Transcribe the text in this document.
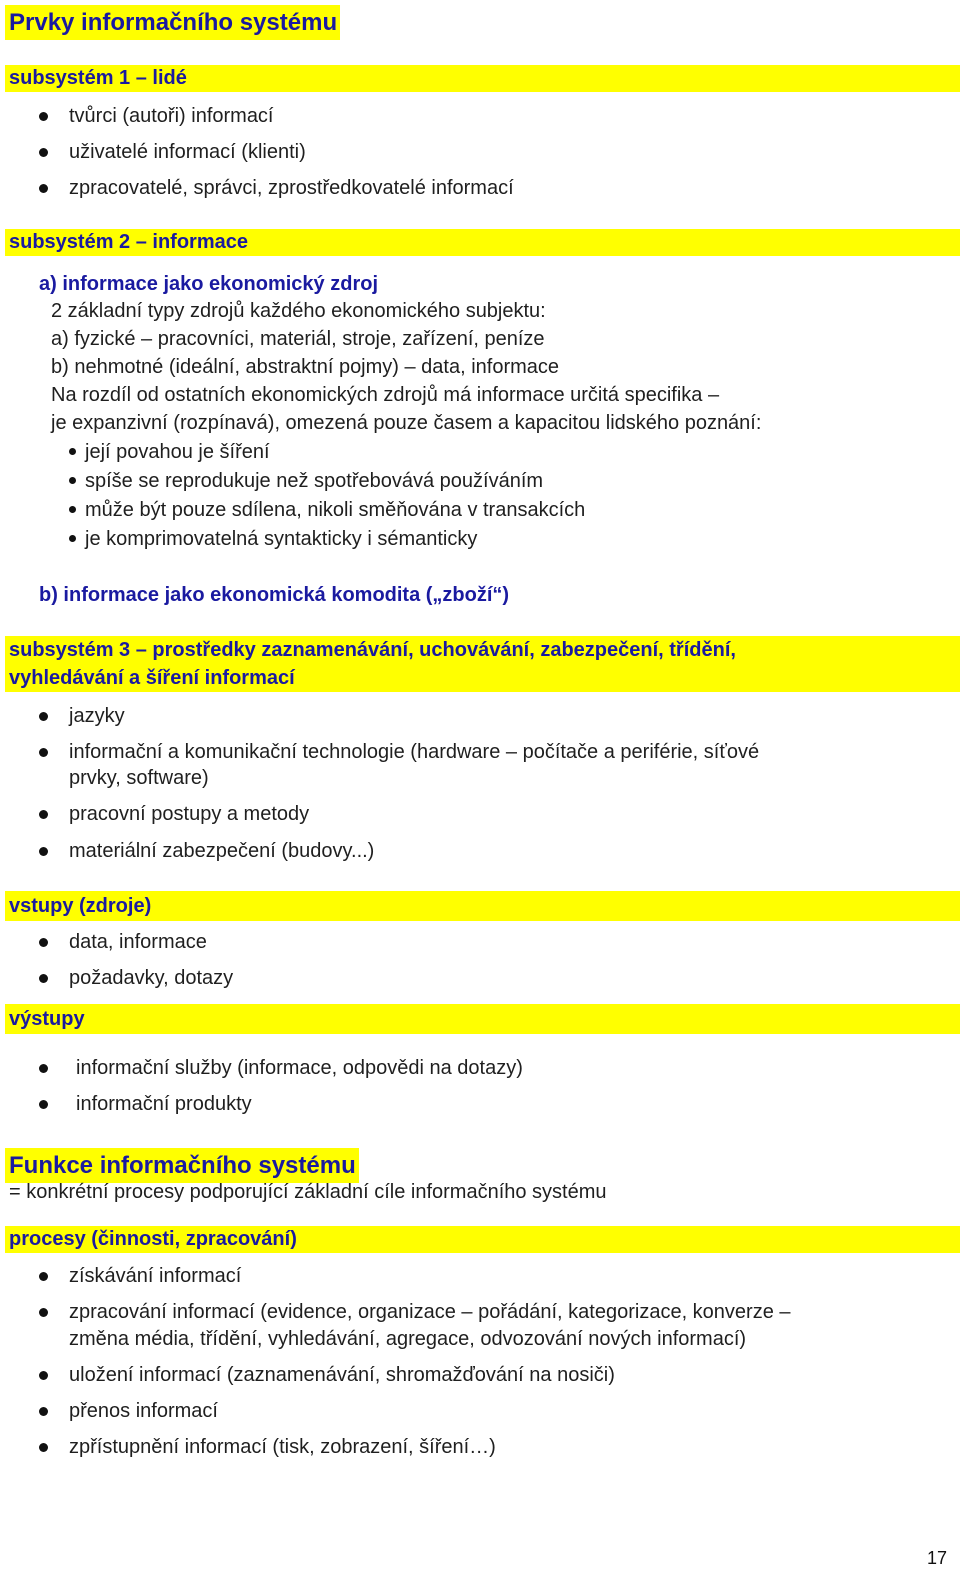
Prvky informačního systému
subsystém 1 – lidé
tvůrci (autoři) informací
uživatelé informací (klienti)
zpracovatelé, správci, zprostředkovatelé informací
subsystém 2 – informace
a) informace jako ekonomický zdroj
2 základní typy zdrojů každého ekonomického subjektu:
a) fyzické – pracovníci, materiál, stroje, zařízení, peníze
b) nehmotné (ideální, abstraktní pojmy) – data, informace
Na rozdíl od ostatních ekonomických zdrojů má informace určitá specifika –
je expanzivní (rozpínavá), omezená pouze časem a kapacitou lidského poznání:
její povahou je šíření
spíše se reprodukuje než spotřebovává používáním
může být pouze sdílena, nikoli směňována v transakcích
je komprimovatelná syntakticky i sémanticky
b) informace jako ekonomická komodita („zboží“)
subsystém 3 – prostředky zaznamenávání, uchovávání, zabezpečení, třídění,
vyhledávání a šíření informací
jazyky
informační a komunikační technologie (hardware – počítače a periférie, síťové
prvky, software)
pracovní postupy a metody
materiální zabezpečení (budovy...)
vstupy (zdroje)
data, informace
požadavky, dotazy
výstupy
informační služby (informace, odpovědi na dotazy)
informační produkty
Funkce informačního systému
= konkrétní procesy podporující základní cíle informačního systému
procesy (činnosti, zpracování)
získávání informací
zpracování informací (evidence, organizace – pořádání, kategorizace, konverze –
změna média, třídění, vyhledávání, agregace, odvozování nových informací)
uložení informací (zaznamenávání, shromažďování na nosiči)
přenos informací
zpřístupnění informací (tisk, zobrazení, šíření…)
17
